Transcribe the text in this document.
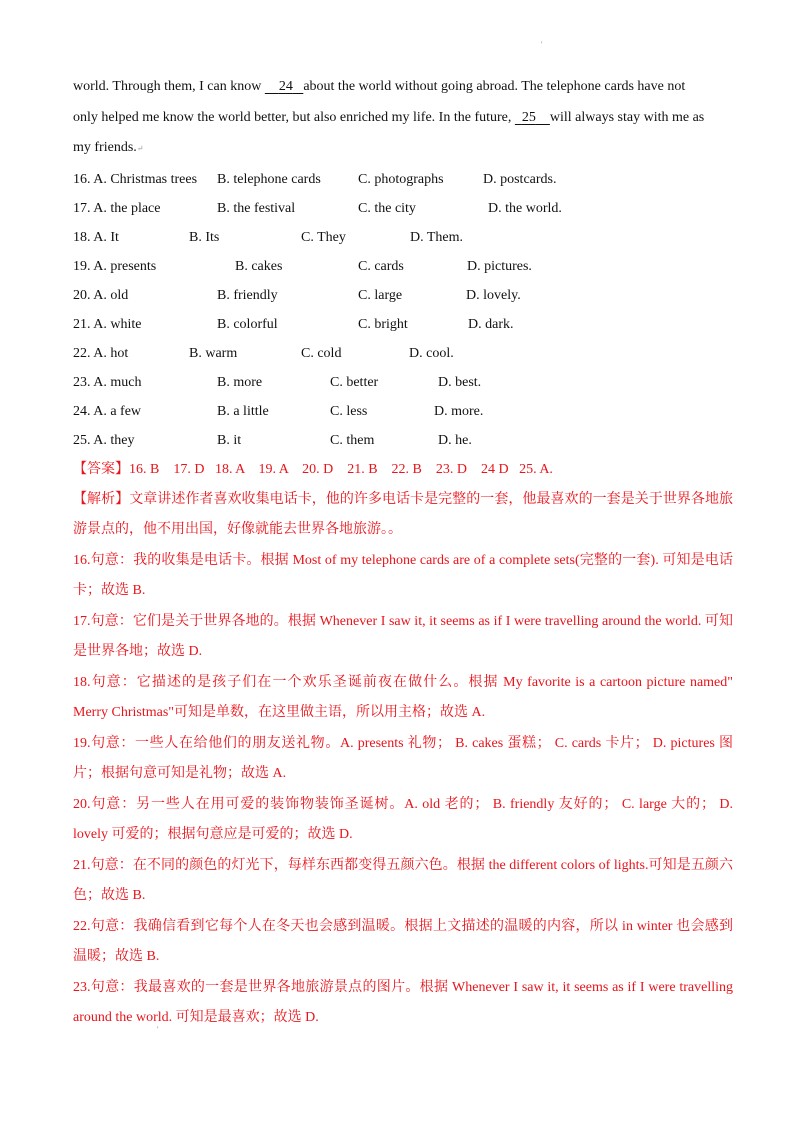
'

world. Through them, I can know     24 about the world without going abroad. The telephone cards have not

only helped me know the world better, but also enriched my life. In the future,   25 will always stay with me as

my friends.↵

16. A. Christmas trees B. telephone cards	C. photographs	D. postcards.
17. A. the place	B. the festival	C. the city	D. the world.
18. A. It	B. Its	C. They	D. Them.
19. A. presents	B. cakes	C. cards	D. pictures.
20. A. old	B. friendly	C. large	D. lovely.
21. A. white	B. colorful	C. bright	D. dark.
22. A. hot	B. warm	C. cold	D. cool.
23. A. much	B. more	C. better	D. best.
24. A. a few	B. a little	C. less	D. more.
25. A. they	B. it	C. them	D. he.
【答案】16. B    17. D   18. A    19. A    20. D    21. B    22. B    23. D    24 D   25. A.

【解析】文章讲述作者喜欢收集电话卡，他的许多电话卡是完整的一套，他最喜欢的一套是关于世界各地旅游景点的，他不用出国，好像就能去世界各地旅游。。

16.句意：我的收集是电话卡。根据 Most of my telephone cards are of a complete sets(完整的一套). 可知是电话卡；故选 B.

17.句意：它们是关于世界各地的。根据 Whenever I saw it, it seems as if I were travelling around the world. 可知是世界各地；故选 D.

18.句意：它描述的是孩子们在一个欢乐圣诞前夜在做什么。根据 My favorite is a cartoon picture named" Merry Christmas"可知是单数，在这里做主语，所以用主格；故选 A.

19.句意：一些人在给他们的朋友送礼物。A. presents 礼物； B. cakes 蛋糕； C. cards 卡片； D. pictures 图片；根据句意可知是礼物；故选 A.

20.句意：另一些人在用可爱的装饰物装饰圣诞树。A. old 老的； B. friendly 友好的； C. large 大的； D. lovely 可爱的；根据句意应是可爱的；故选 D.

21.句意：在不同的颜色的灯光下，每样东西都变得五颜六色。根据 the different colors of lights.可知是五颜六色；故选 B.

22.句意：我确信看到它每个人在冬天也会感到温暖。根据上文描述的温暖的内容，所以 in winter 也会感到温暖；故选 B.

23.句意：我最喜欢的一套是世界各地旅游景点的图片。根据 Whenever I saw it, it seems as if I were travelling around the world. 可知是最喜欢；故选 D.

'
